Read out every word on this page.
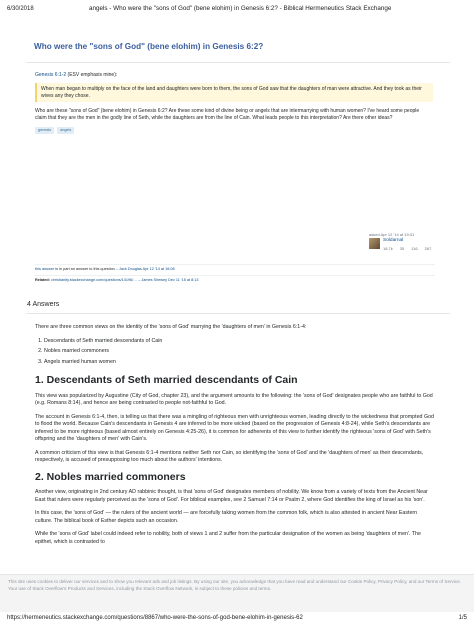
6/30/2018	angels - Who were the "sons of God" (bene elohim) in Genesis 6:2? - Biblical Hermeneutics Stack Exchange
Who were the "sons of God" (bene elohim) in Genesis 6:2?
Genesis 6:1-2 (ESV emphasis mine):

When man began to multiply on the face of the land and daughters were born to them, the sons of God saw that the daughters of man were attractive. And they took as their wives any they chose.

Who are these "sons of God" (bene elohim) in Genesis 6:2? Are these some kind of divine being or angels that are intermarrying with human women? I've heard some people claim that they are the men in the godly line of Seth, while the daughters are from the line of Cain. What leads people to this interpretation? Are there other ideas?

genesis	angels
asked Apr 12 '14 at 19:31
Soldarnal
18.7k 35 116 267
this answer is in part an answer to this question – Jack Douglas Apr 12 '14 at 16:08
Related: christianity.stackexchange.com/questions/14196/… – James Shewey Dec 11 '15 at 8:13
4 Answers

There are three common views on the identity of the 'sons of God' marrying the 'daughters of men' in Genesis 6:1-4:

1. Descendants of Seth married descendants of Cain
2. Nobles married commoners
3. Angels married human women
1. Descendants of Seth married descendants of Cain

This view was popularized by Augustine (City of God, chapter 23), and the argument amounts to the following: the 'sons of God' designates people who are faithful to God (e.g. Romans 8:14), and hence are being contrasted to people not-faithful to God.

The account in Genesis 6:1-4, then, is telling us that there was a mingling of righteous men with unrighteous women, leading directly to the wickedness that prompted God to flood the world. Because Cain's descendants in Genesis 4 are inferred to be more wicked (based on the progression of Genesis 4:8-24), while Seth's descendants are inferred to be more righteous (based almost entirely on Genesis 4:25-26), it is common for adherents of this view to further identify the righteous 'sons of God' with Seth's offspring and the 'daughters of men' with Cain's.

A common criticism of this view is that Genesis 6:1-4 mentions neither Seth nor Cain, so identifying the 'sons of God' and the 'daughters of men' as their descendants, respectively, is accused of presupposing too much about the authors' intentions.

2. Nobles married commoners

Another view, originating in 2nd century AD rabbinic thought, is that 'sons of God' designates members of nobility. We know from a variety of texts from the Ancient Near East that rulers were regularly perceived as the 'sons of God'. For biblical examples, see 2 Samuel 7:14 or Psalm 2, where God identifies the king of Israel as his 'son'.

In this case, the 'sons of God' — the rulers of the ancient world — are forcefully taking women from the common folk, which is also attested in ancient Near Eastern culture. The biblical book of Esther depicts such an occasion.

While the 'sons of God' label could indeed refer to nobility, both of views 1 and 2 suffer from the particular designation of the women as being 'daughters of men'. The epithet, which is contrasted to

This site uses cookies to deliver our services and to show you relevant ads and job listings. By using our site, you acknowledge that you have read and understand our Cookie Policy, Privacy Policy, and our Terms of Service. Your use of Stack Overflow's Products and Services, including the Stack Overflow Network, is subject to these policies and terms.
https://hermeneutics.stackexchange.com/questions/8867/who-were-the-sons-of-god-bene-elohim-in-genesis-62	1/5
